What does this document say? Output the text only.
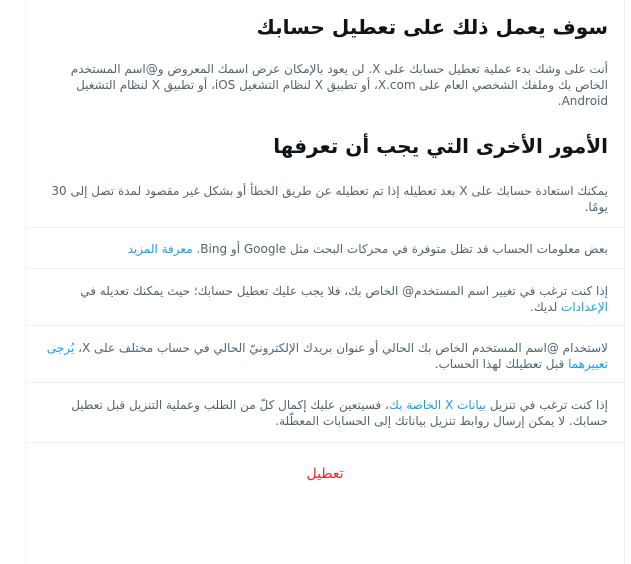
سوف يعمل ذلك على تعطيل حسابك
أنت على وشك بدء عملية تعطيل حسابك على X. لن يعود بالإمكان عرض اسمك المعروض و@اسم المستخدم الخاص بك وملفك الشخصي العام على X.com، أو تطبيق X لنظام التشغيل iOS، أو تطبيق X لنظام التشغيل Android.
الأمور الأخرى التي يجب أن تعرفها
يمكنك استعادة حسابك على X بعد تعطيله إذا تم تعطيله عن طريق الخطأ أو بشكل غير مقصود لمدة تصل إلى 30 يومًا.
بعض معلومات الحساب قد تظل متوفرة في محركات البحث مثل Google أو Bing. معرفة المزيد
إذا كنت ترغب في تغيير اسم المستخدم@ الخاص بك، فلا يجب عليك تعطيل حسابك؛ حيث يمكنك تعديله في الإعدادات لديك.
لاستخدام @اسم المستخدم الخاص بك الحالي أو عنوان بريدك الإلكترونيّ الحالي في حساب مختلف على X، يُرجى تغييرهما قبل تعطيلك لهذا الحساب.
إذا كنت ترغب في تنزيل بيانات X الخاصة بك، فسيتعين عليك إكمال كلّ من الطلب وعملية التنزيل قبل تعطيل حسابك. لا يمكن إرسال روابط تنزيل بياناتك إلى الحسابات المعطّلة.
تعطيل
